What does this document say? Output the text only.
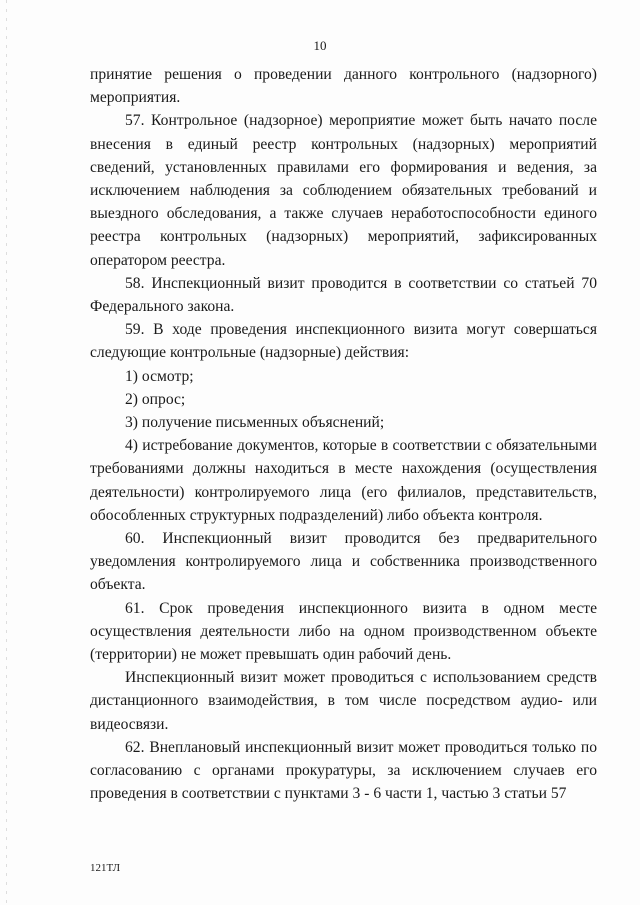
10

принятие решения о проведении данного контрольного (надзорного) мероприятия.

57. Контрольное (надзорное) мероприятие может быть начато после внесения в единый реестр контрольных (надзорных) мероприятий сведений, установленных правилами его формирования и ведения, за исключением наблюдения за соблюдением обязательных требований и выездного обследования, а также случаев неработоспособности единого реестра контрольных (надзорных) мероприятий, зафиксированных оператором реестра.

58. Инспекционный визит проводится в соответствии со статьей 70 Федерального закона.

59. В ходе проведения инспекционного визита могут совершаться следующие контрольные (надзорные) действия:

1) осмотр;

2) опрос;

3) получение письменных объяснений;

4) истребование документов, которые в соответствии с обязательными требованиями должны находиться в месте нахождения (осуществления деятельности) контролируемого лица (его филиалов, представительств, обособленных структурных подразделений) либо объекта контроля.

60. Инспекционный визит проводится без предварительного уведомления контролируемого лица и собственника производственного объекта.

61. Срок проведения инспекционного визита в одном месте осуществления деятельности либо на одном производственном объекте (территории) не может превышать один рабочий день.

Инспекционный визит может проводиться с использованием средств дистанционного взаимодействия, в том числе посредством аудио- или видеосвязи.

62. Внеплановый инспекционный визит может проводиться только по согласованию с органами прокуратуры, за исключением случаев его проведения в соответствии с пунктами 3 - 6 части 1, частью 3 статьи 57

121ТЛ
